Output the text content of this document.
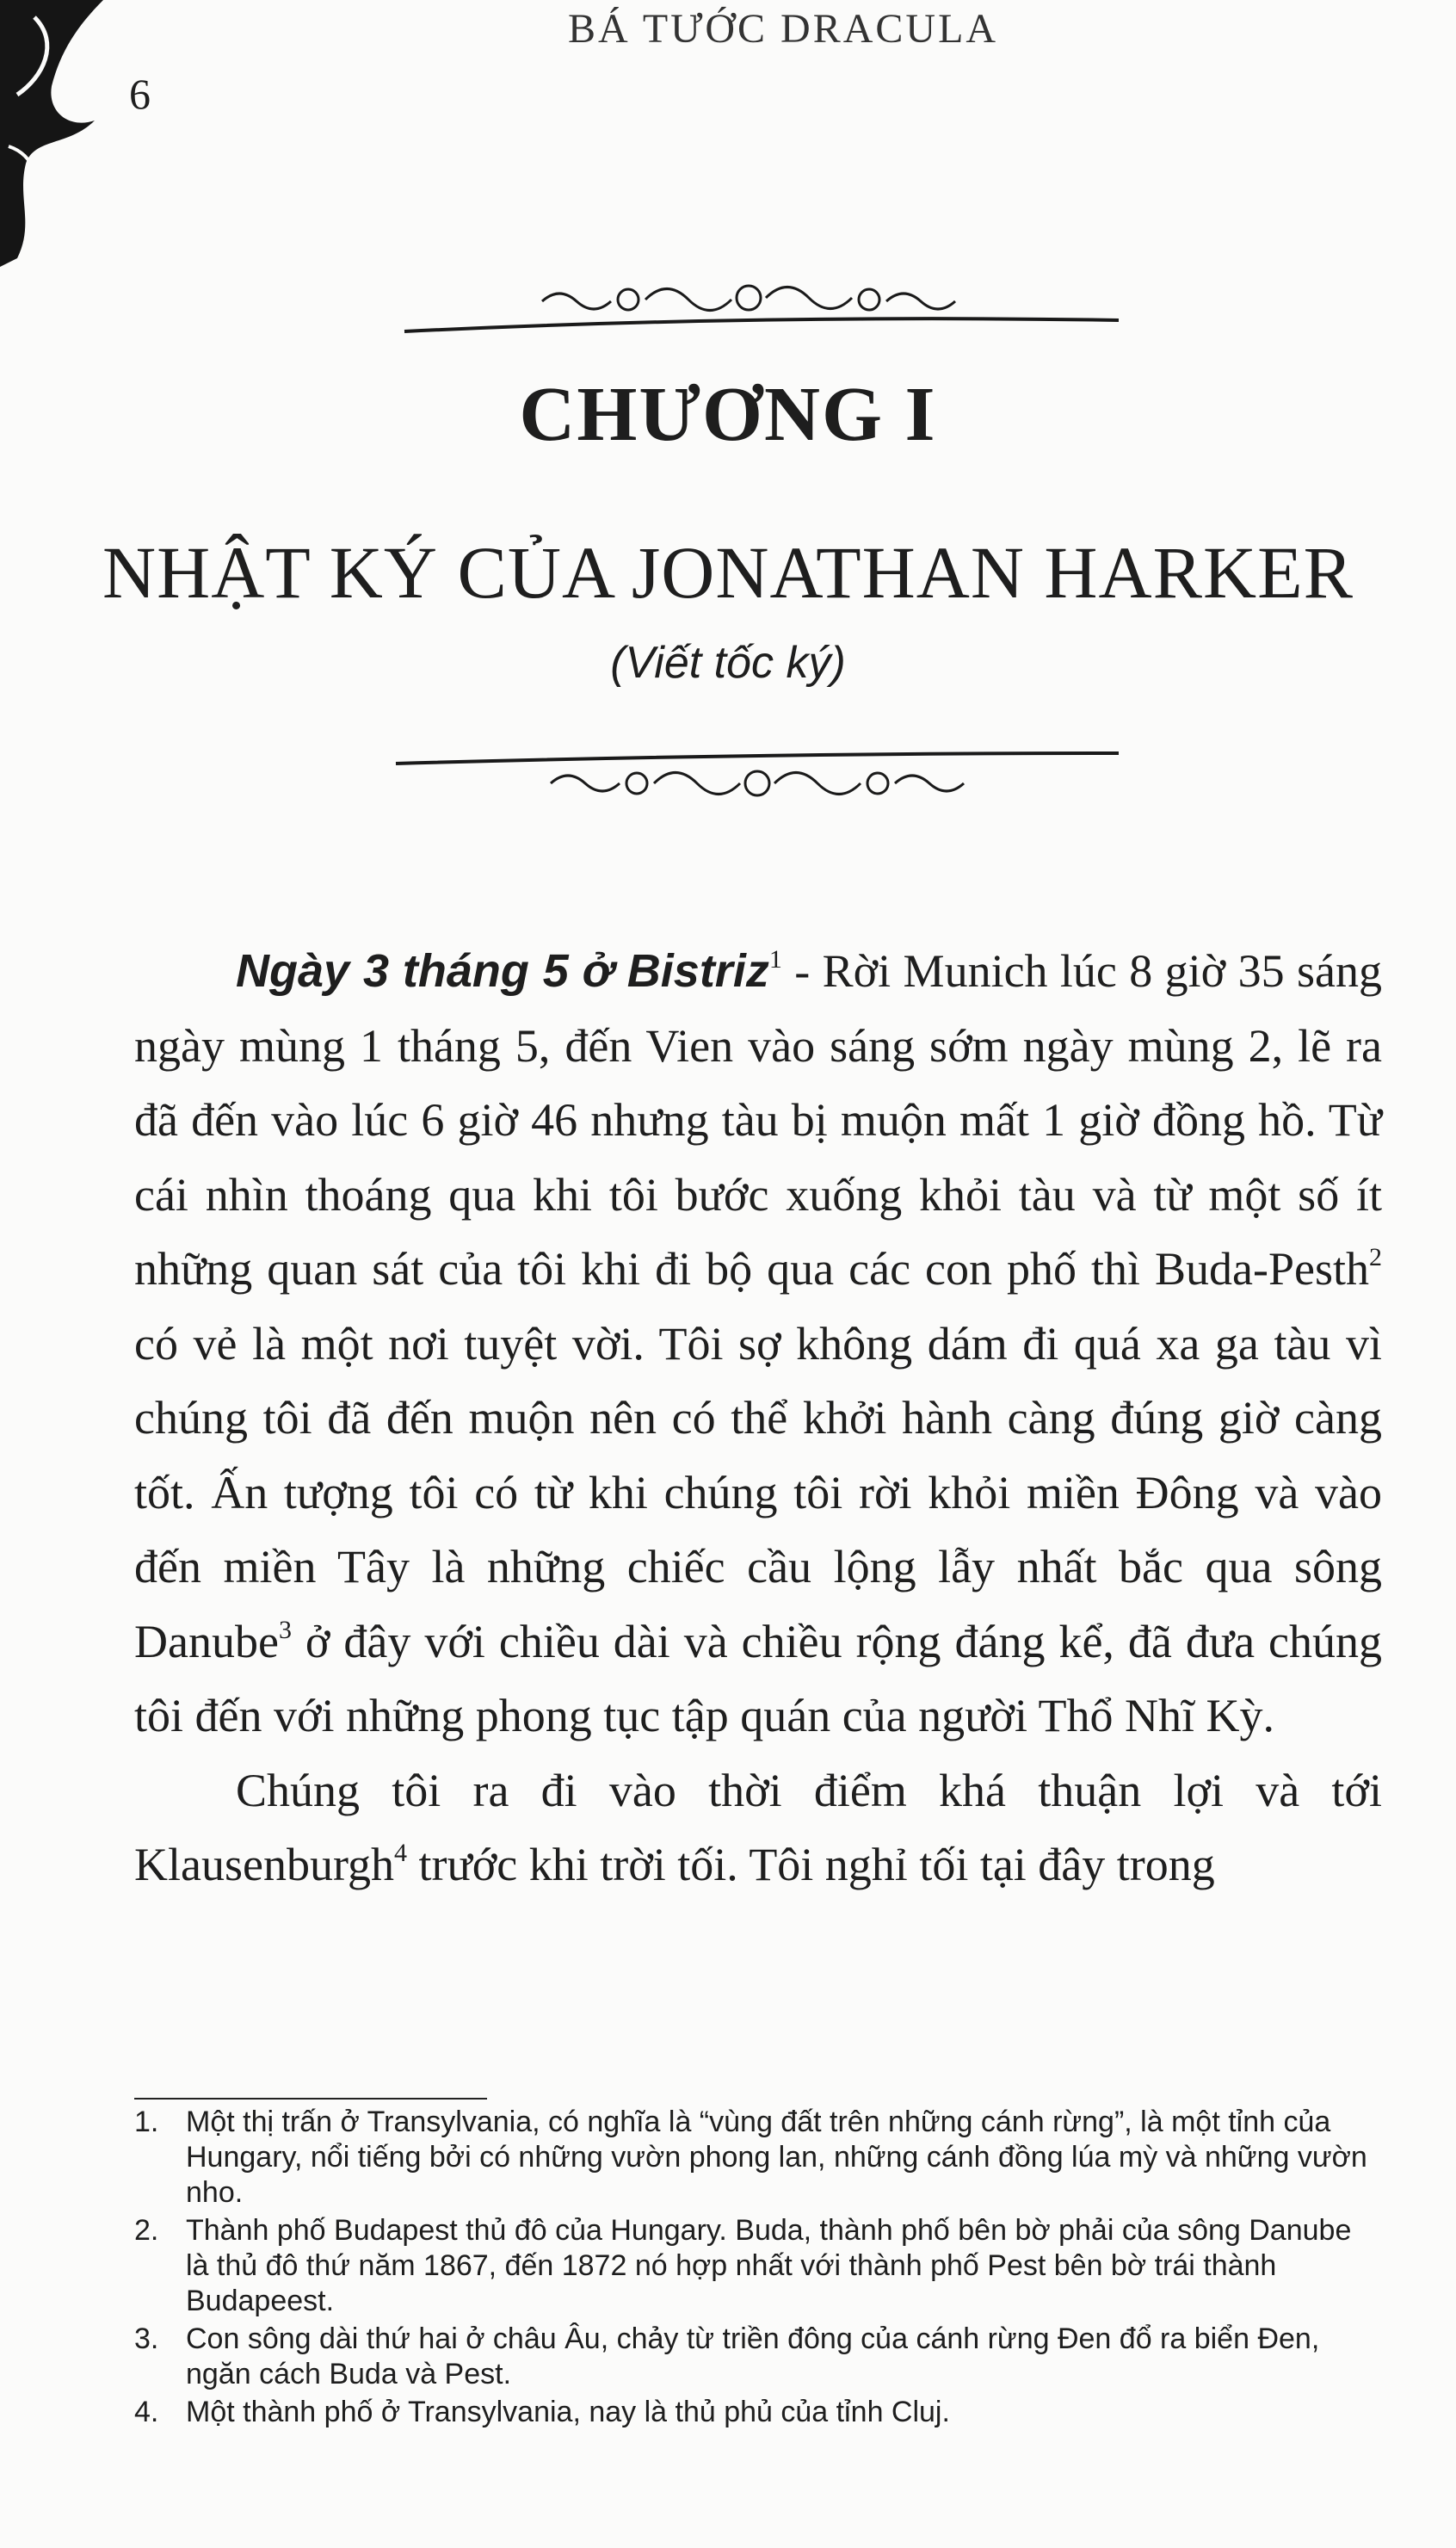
6
BÁ TƯỚC DRACULA
CHƯƠNG I
NHẬT KÝ CỦA JONATHAN HARKER
(Viết tốc ký)

Ngày 3 tháng 5 ở Bistriz$^1$ - Rời Munich lúc 8 giờ 35 sáng ngày mùng 1 tháng 5, đến Vien vào sáng sớm ngày mùng 2, lẽ ra đã đến vào lúc 6 giờ 46 nhưng tàu bị muộn mất 1 giờ đồng hồ. Từ cái nhìn thoáng qua khi tôi bước xuống khỏi tàu và từ một số ít những quan sát của tôi khi đi bộ qua các con phố thì Buda-Pesth$^2$ có vẻ là một nơi tuyệt vời. Tôi sợ không dám đi quá xa ga tàu vì chúng tôi đã đến muộn nên có thể khởi hành càng đúng giờ càng tốt. Ấn tượng tôi có từ khi chúng tôi rời khỏi miền Đông và vào đến miền Tây là những chiếc cầu lộng lẫy nhất bắc qua sông Danube$^3$ ở đây với chiều dài và chiều rộng đáng kể, đã đưa chúng tôi đến với những phong tục tập quán của người Thổ Nhĩ Kỳ.

Chúng tôi ra đi vào thời điểm khá thuận lợi và tới Klausenburgh$^4$ trước khi trời tối. Tôi nghỉ tối tại đây trong

1. Một thị trấn ở Transylvania, có nghĩa là “vùng đất trên những cánh rừng”, là một tỉnh của Hungary, nổi tiếng bởi có những vườn phong lan, những cánh đồng lúa mỳ và những vườn nho.
2. Thành phố Budapest thủ đô của Hungary. Buda, thành phố bên bờ phải của sông Danube là thủ đô thứ năm 1867, đến 1872 nó hợp nhất với thành phố Pest bên bờ trái thành Budapeest.
3. Con sông dài thứ hai ở châu Âu, chảy từ triền đông của cánh rừng Đen đổ ra biển Đen, ngăn cách Buda và Pest.
4. Một thành phố ở Transylvania, nay là thủ phủ của tỉnh Cluj.
